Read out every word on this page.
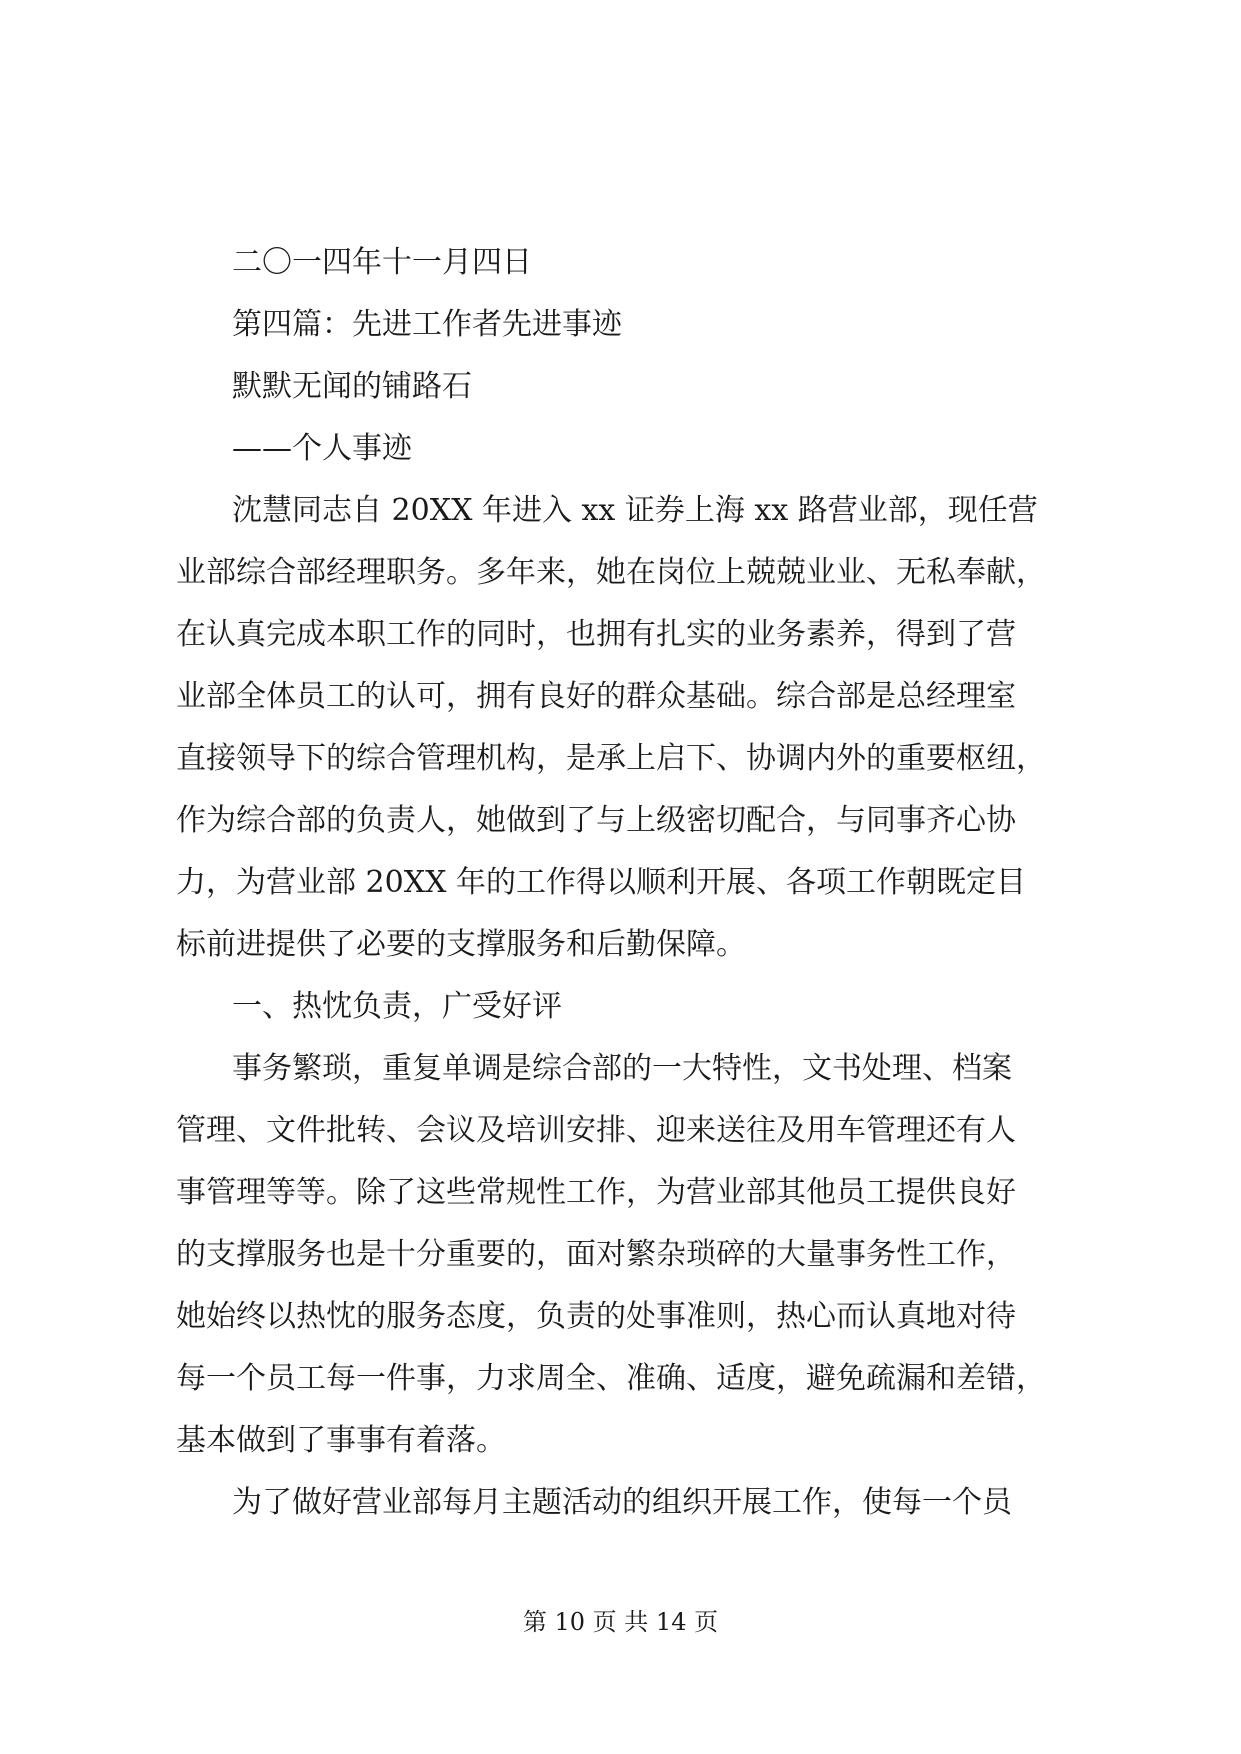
二〇一四年十一月四日

第四篇：先进工作者先进事迹

默默无闻的铺路石

——个人事迹

沈慧同志自 20XX 年进入 xx 证券上海 xx 路营业部，现任营
业部综合部经理职务。多年来，她在岗位上兢兢业业、无私奉献，
在认真完成本职工作的同时，也拥有扎实的业务素养，得到了营
业部全体员工的认可，拥有良好的群众基础。综合部是总经理室
直接领导下的综合管理机构，是承上启下、协调内外的重要枢纽，
作为综合部的负责人，她做到了与上级密切配合，与同事齐心协
力，为营业部 20XX 年的工作得以顺利开展、各项工作朝既定目
标前进提供了必要的支撑服务和后勤保障。
一、热忱负责，广受好评
事务繁琐，重复单调是综合部的一大特性，文书处理、档案
管理、文件批转、会议及培训安排、迎来送往及用车管理还有人
事管理等等。除了这些常规性工作，为营业部其他员工提供良好
的支撑服务也是十分重要的，面对繁杂琐碎的大量事务性工作，
她始终以热忱的服务态度，负责的处事准则，热心而认真地对待
每一个员工每一件事，力求周全、准确、适度，避免疏漏和差错，
基本做到了事事有着落。
为了做好营业部每月主题活动的组织开展工作，使每一个员
第 10 页 共 14 页
